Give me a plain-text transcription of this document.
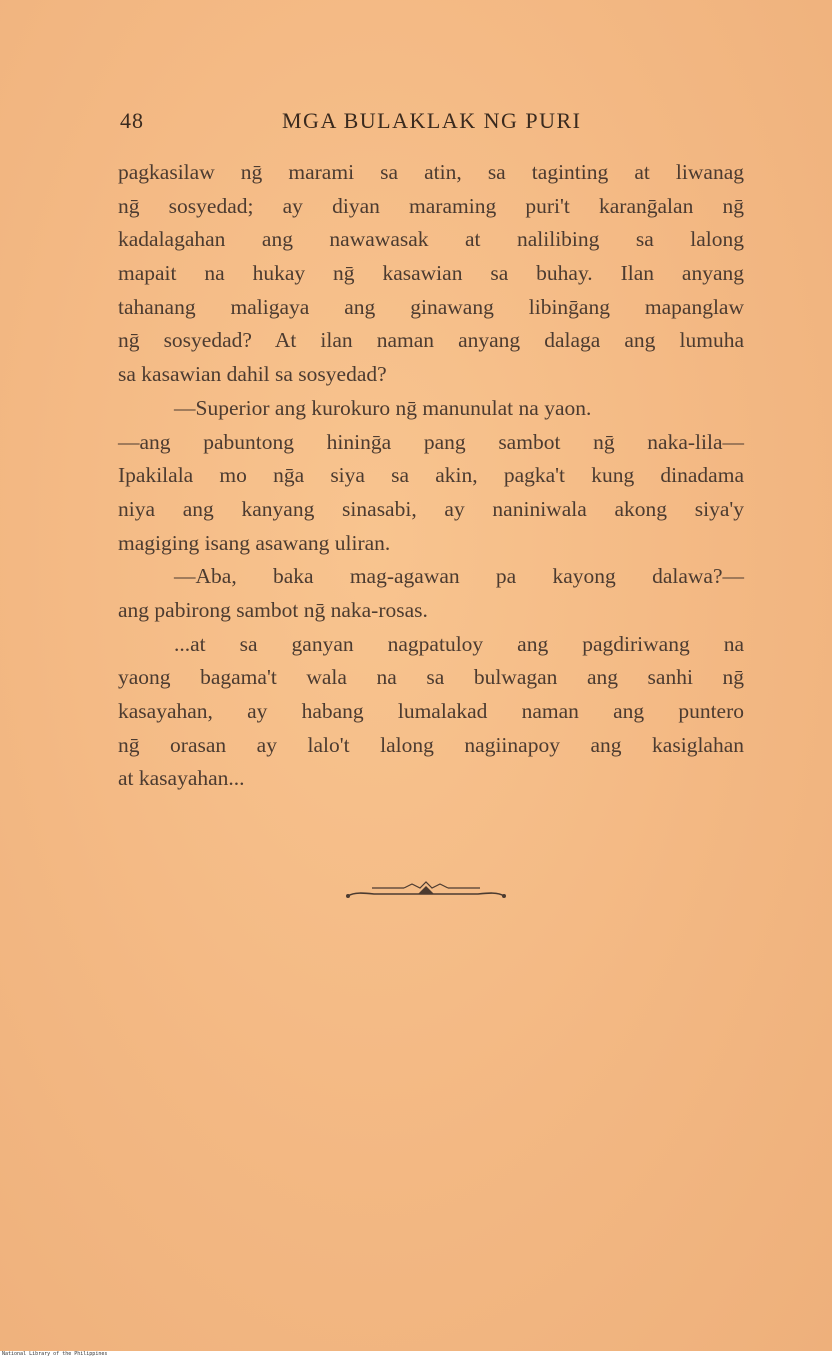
48	MGA BULAKLAK NG PURI
pagkasilaw nḡ marami sa atin, sa taginting at liwanag
nḡ sosyedad; ay diyan maraming puri't karanḡalan nḡ
kadalagahan ang nawawasak at nalilibing sa lalong
mapait na hukay nḡ kasawian sa buhay. Ilan anyang
tahanang maligaya ang ginawang libinḡang mapanglaw
nḡ sosyedad? At ilan naman anyang dalaga ang lumuha
sa kasawian dahil sa sosyedad?
—Superior ang kurokuro nḡ manunulat na yaon.
—ang pabuntong hininḡa pang sambot nḡ naka-lila—
Ipakilala mo nḡa siya sa akin, pagka't kung dinadama
niya ang kanyang sinasabi, ay naniniwala akong siya'y
magiging isang asawang uliran.
—Aba, baka mag-agawan pa kayong dalawa?—
ang pabirong sambot nḡ naka-rosas.
...at sa ganyan nagpatuloy ang pagdiriwang na
yaong bagama't wala na sa bulwagan ang sanhi nḡ
kasayahan, ay habang lumalakad naman ang puntero
nḡ orasan ay lalo't lalong nagiinapoy ang kasiglahan
at kasayahan...
National Library of the Philippines
